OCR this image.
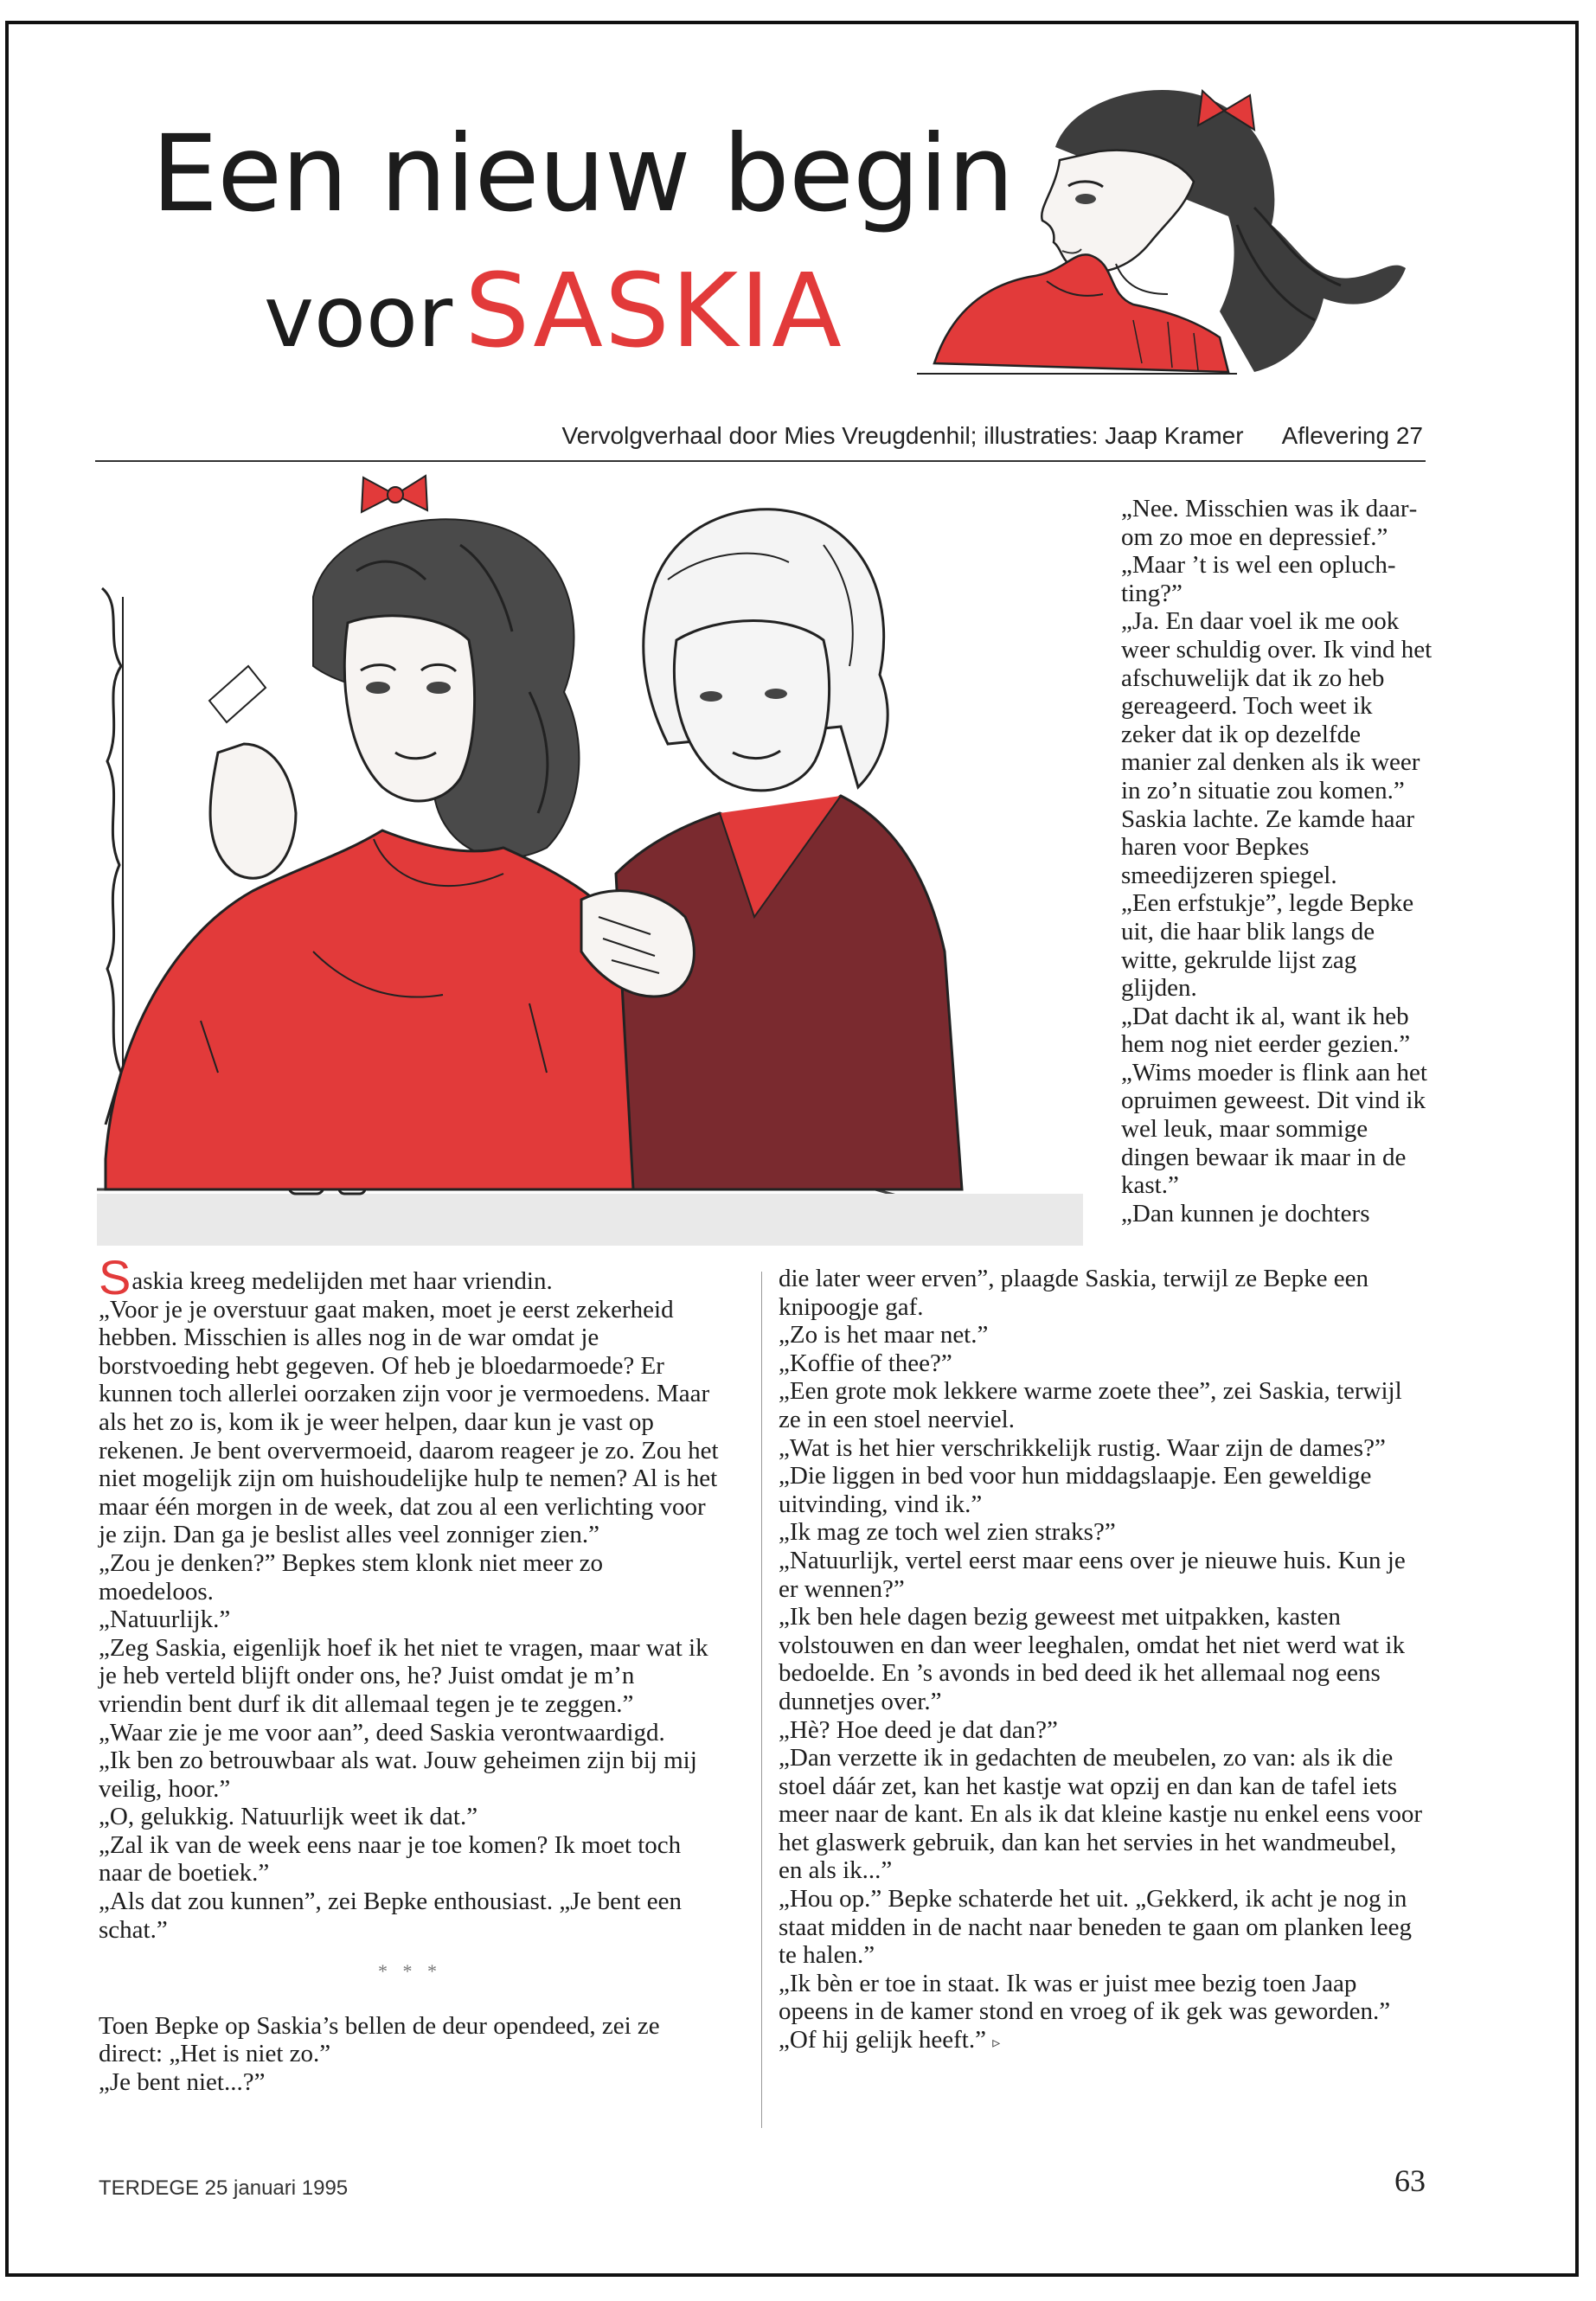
Een nieuw begin
voor SASKIA
Vervolgverhaal door Mies Vreugdenhil; illustraties: Jaap Kramer Aflevering 27

„Nee. Misschien was ik daarom zo moe en depressief.”

„Maar ’t is wel een opluchting?”

„Ja. En daar voel ik me ook weer schuldig over. Ik vind het afschuwelijk dat ik zo heb gereageerd. Toch weet ik zeker dat ik op dezelfde manier zal denken als ik weer in zo’n situatie zou komen.”

Saskia lachte. Ze kamde haar haren voor Bepkes smeedijzeren spiegel.

„Een erfstukje”, legde Bepke uit, die haar blik langs de witte, gekrulde lijst zag glijden.

„Dat dacht ik al, want ik heb hem nog niet eerder gezien.”

„Wims moeder is flink aan het opruimen geweest. Dit vind ik wel leuk, maar sommige dingen bewaar ik maar in de kast.”

„Dan kunnen je dochters

Saskia kreeg medelijden met haar vriendin.

„Voor je je overstuur gaat maken, moet je eerst zekerheid hebben. Misschien is alles nog in de war omdat je borstvoeding hebt gegeven. Of heb je bloedarmoede? Er kunnen toch allerlei oorzaken zijn voor je vermoedens. Maar als het zo is, kom ik je weer helpen, daar kun je vast op rekenen. Je bent oververmoeid, daarom reageer je zo. Zou het niet mogelijk zijn om huishoudelijke hulp te nemen? Al is het maar één morgen in de week, dat zou al een verlichting voor je zijn. Dan ga je beslist alles veel zonniger zien.”

„Zou je denken?” Bepkes stem klonk niet meer zo moedeloos.

„Natuurlijk.”

„Zeg Saskia, eigenlijk hoef ik het niet te vragen, maar wat ik je heb verteld blijft onder ons, he? Juist omdat je m’n vriendin bent durf ik dit allemaal tegen je te zeggen.”

„Waar zie je me voor aan”, deed Saskia verontwaardigd.

„Ik ben zo betrouwbaar als wat. Jouw geheimen zijn bij mij veilig, hoor.”

„O, gelukkig. Natuurlijk weet ik dat.”

„Zal ik van de week eens naar je toe komen? Ik moet toch naar de boetiek.”

„Als dat zou kunnen”, zei Bepke enthousiast. „Je bent een schat.”

* * *

Toen Bepke op Saskia’s bellen de deur opendeed, zei ze direct: „Het is niet zo.”

„Je bent niet...?”

die later weer erven”, plaagde Saskia, terwijl ze Bepke een knipoogje gaf.

„Zo is het maar net.”

„Koffie of thee?”

„Een grote mok lekkere warme zoete thee”, zei Saskia, terwijl ze in een stoel neerviel.

„Wat is het hier verschrikkelijk rustig. Waar zijn de dames?”

„Die liggen in bed voor hun middagslaapje. Een geweldige uitvinding, vind ik.”

„Ik mag ze toch wel zien straks?”

„Natuurlijk, vertel eerst maar eens over je nieuwe huis. Kun je er wennen?”

„Ik ben hele dagen bezig geweest met uitpakken, kasten volstouwen en dan weer leeghalen, omdat het niet werd wat ik bedoelde. En ’s avonds in bed deed ik het allemaal nog eens dunnetjes over.”

„Hè? Hoe deed je dat dan?”

„Dan verzette ik in gedachten de meubelen, zo van: als ik die stoel dáár zet, kan het kastje wat opzij en dan kan de tafel iets meer naar de kant. En als ik dat kleine kastje nu enkel eens voor het glaswerk gebruik, dan kan het servies in het wandmeubel, en als ik...”

„Hou op.” Bepke schaterde het uit. „Gekkerd, ik acht je nog in staat midden in de nacht naar beneden te gaan om planken leeg te halen.”

„Ik bèn er toe in staat. Ik was er juist mee bezig toen Jaap opeens in de kamer stond en vroeg of ik gek was geworden.”

„Of hij gelijk heeft.” ▹

TERDEGE 25 januari 1995	63
